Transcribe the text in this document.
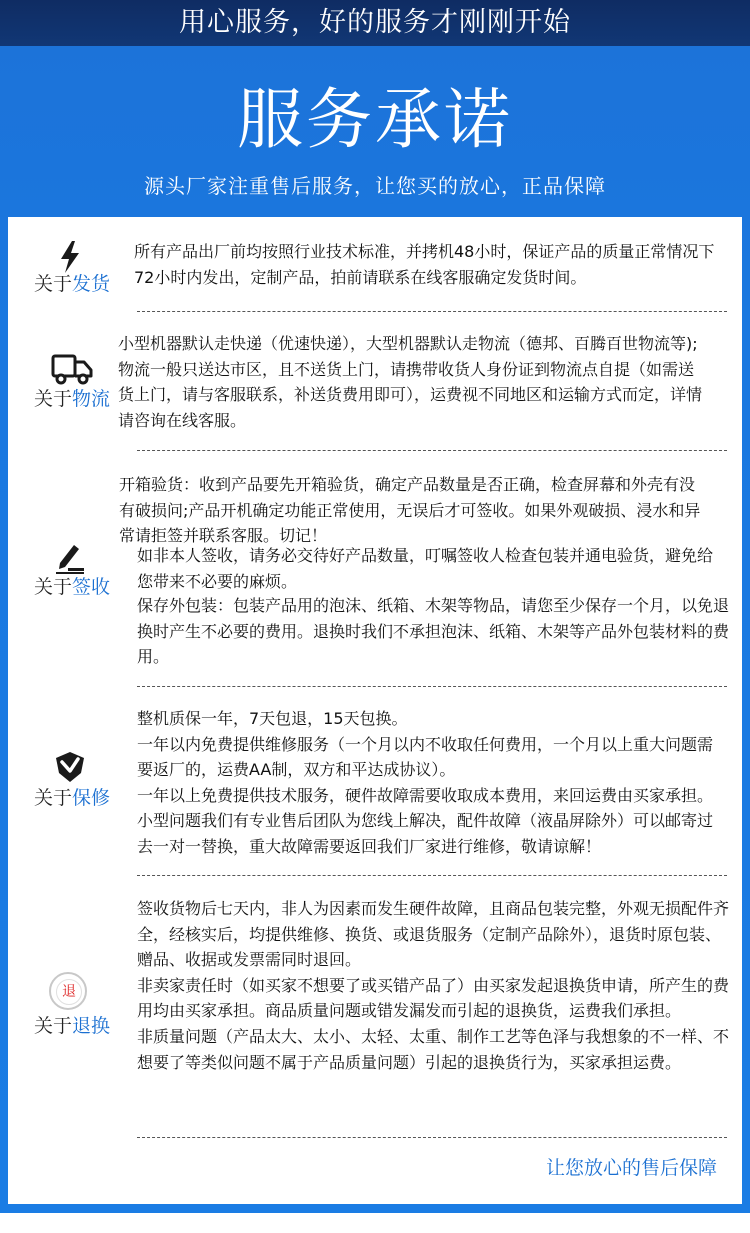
用心服务，好的服务才刚刚开始
服务承诺
源头厂家注重售后服务，让您买的放心，正品保障
关于发货

所有产品出厂前均按照行业技术标准，并拷机48小时，保证产品的质量正常情况下72小时内发出，定制产品，拍前请联系在线客服确定发货时间。

关于物流

小型机器默认走快递（优速快递），大型机器默认走物流（德邦、百腾百世物流等);物流一般只送达市区，且不送货上门，请携带收货人身份证到物流点自提（如需送货上门，请与客服联系，补送货费用即可），运费视不同地区和运输方式而定，详情请咨询在线客服。

关于签收

开箱验货：收到产品要先开箱验货，确定产品数量是否正确，检查屏幕和外壳有没有破损问;产品开机确定功能正常使用，无误后才可签收。如果外观破损、浸水和异常请拒签并联系客服。切记！

如非本人签收，请务必交待好产品数量，叮嘱签收人检查包装并通电验货，避免给您带来不必要的麻烦。

保存外包装：包装产品用的泡沫、纸箱、木架等物品，请您至少保存一个月，以免退换时产生不必要的费用。退换时我们不承担泡沫、纸箱、木架等产品外包装材料的费用。

关于保修

整机质保一年，7天包退，15天包换。

一年以内免费提供维修服务（一个月以内不收取任何费用，一个月以上重大问题需要返厂的，运费AA制，双方和平达成协议）。

一年以上免费提供技术服务，硬件故障需要收取成本费用，来回运费由买家承担。

小型问题我们有专业售后团队为您线上解决，配件故障（液晶屏除外）可以邮寄过去一对一替换，重大故障需要返回我们厂家进行维修，敬请谅解！

退
关于退换

签收货物后七天内，非人为因素而发生硬件故障，且商品包装完整，外观无损配件齐全，经核实后，均提供维修、换货、或退货服务（定制产品除外），退货时原包装、赠品、收据或发票需同时退回。

非卖家责任时（如买家不想要了或买错产品了）由买家发起退换货申请，所产生的费用均由买家承担。商品质量问题或错发漏发而引起的退换货，运费我们承担。

非质量问题（产品太大、太小、太轻、太重、制作工艺等色泽与我想象的不一样、不想要了等类似问题不属于产品质量问题）引起的退换货行为，买家承担运费。

让您放心的售后保障
